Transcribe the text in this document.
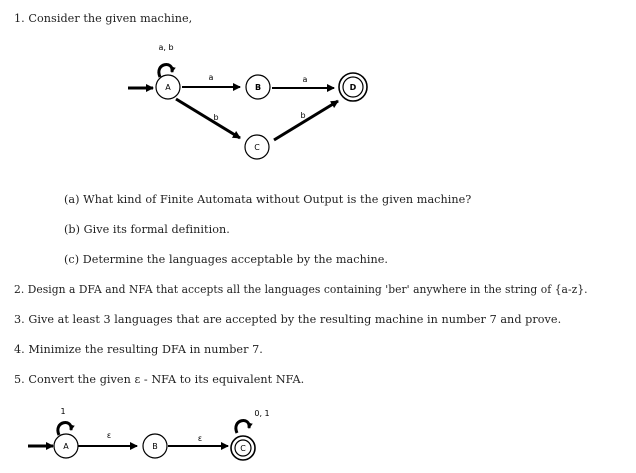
1. Consider the given machine,
a, b
a	a
b	b
A	B
C
D
1
ε	ε
0, 1
A	B	C
(a) What kind of Finite Automata without Output is the given machine?
(b) Give its formal definition.
(c) Determine the languages acceptable by the machine.
2. Design a DFA and NFA that accepts all the languages containing 'ber' anywhere in the string of {a-z}.
3. Give at least 3 languages that are accepted by the resulting machine in number 7 and prove.
4. Minimize the resulting DFA in number 7.
5. Convert the given ε - NFA to its equivalent NFA.
